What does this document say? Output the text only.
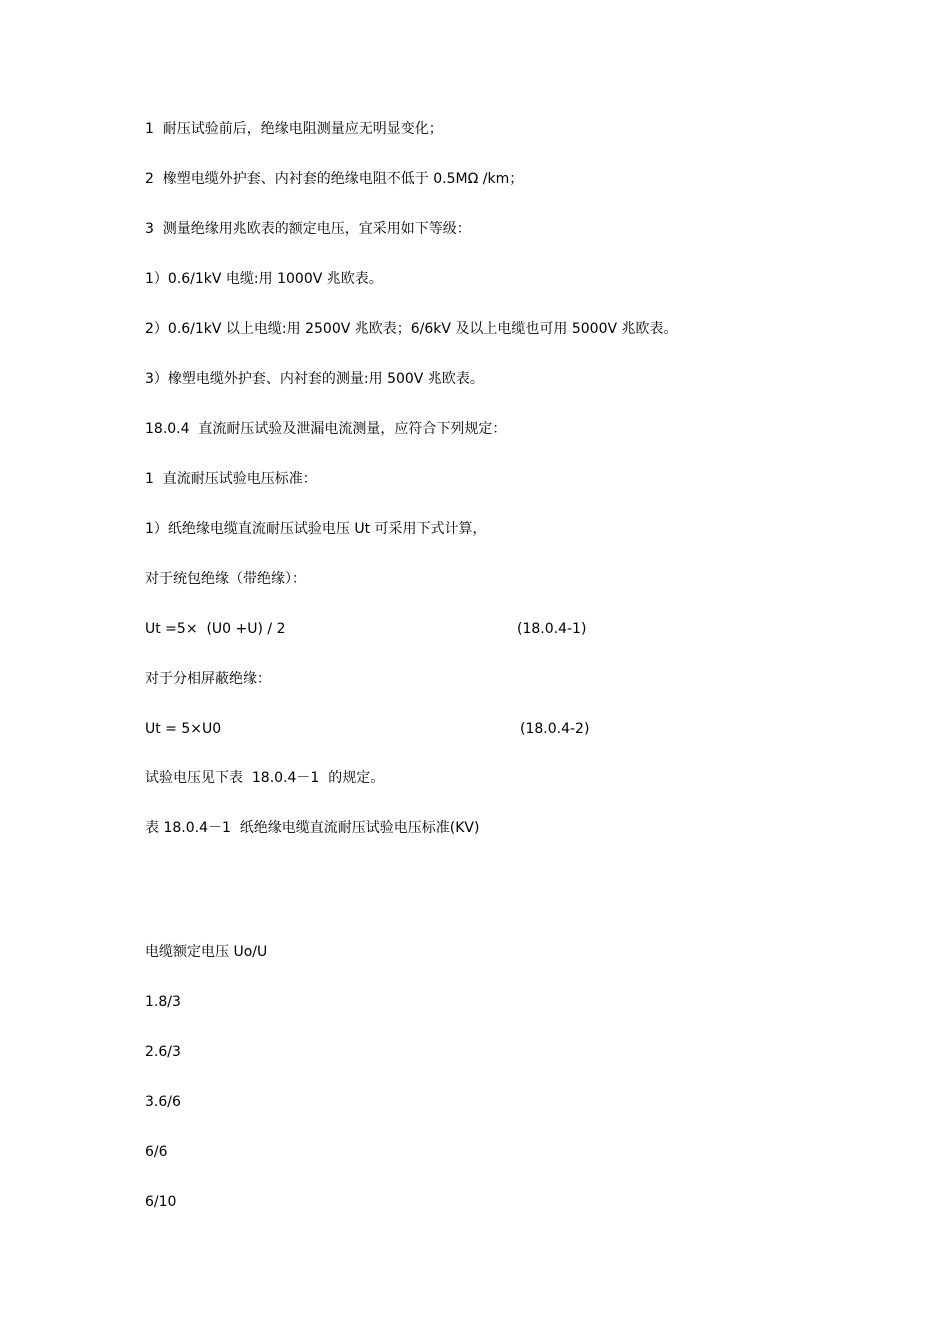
1  耐压试验前后，绝缘电阻测量应无明显变化；
2  橡塑电缆外护套、内衬套的绝缘电阻不低于 0.5MΩ /km；
3  测量绝缘用兆欧表的额定电压，宜采用如下等级：
1）0.6/1kV 电缆:用 1000V 兆欧表。
2）0.6/1kV 以上电缆:用 2500V 兆欧表；6/6kV 及以上电缆也可用 5000V 兆欧表。
3）橡塑电缆外护套、内衬套的测量:用 500V 兆欧表。
18.0.4  直流耐压试验及泄漏电流测量，应符合下列规定：
1  直流耐压试验电压标准：
1）纸绝缘电缆直流耐压试验电压 Ut 可采用下式计算，
对于统包绝缘（带绝缘）：
Ut =5×  (U0 +U) / 2	(18.0.4-1)
对于分相屏蔽绝缘：
Ut = 5×U0	(18.0.4-2)
试验电压见下表  18.0.4－1  的规定。
表 18.0.4－1  纸绝缘电缆直流耐压试验电压标准(KV)
电缆额定电压 Uo/U
1.8/3
2.6/3
3.6/6
6/6
6/10
